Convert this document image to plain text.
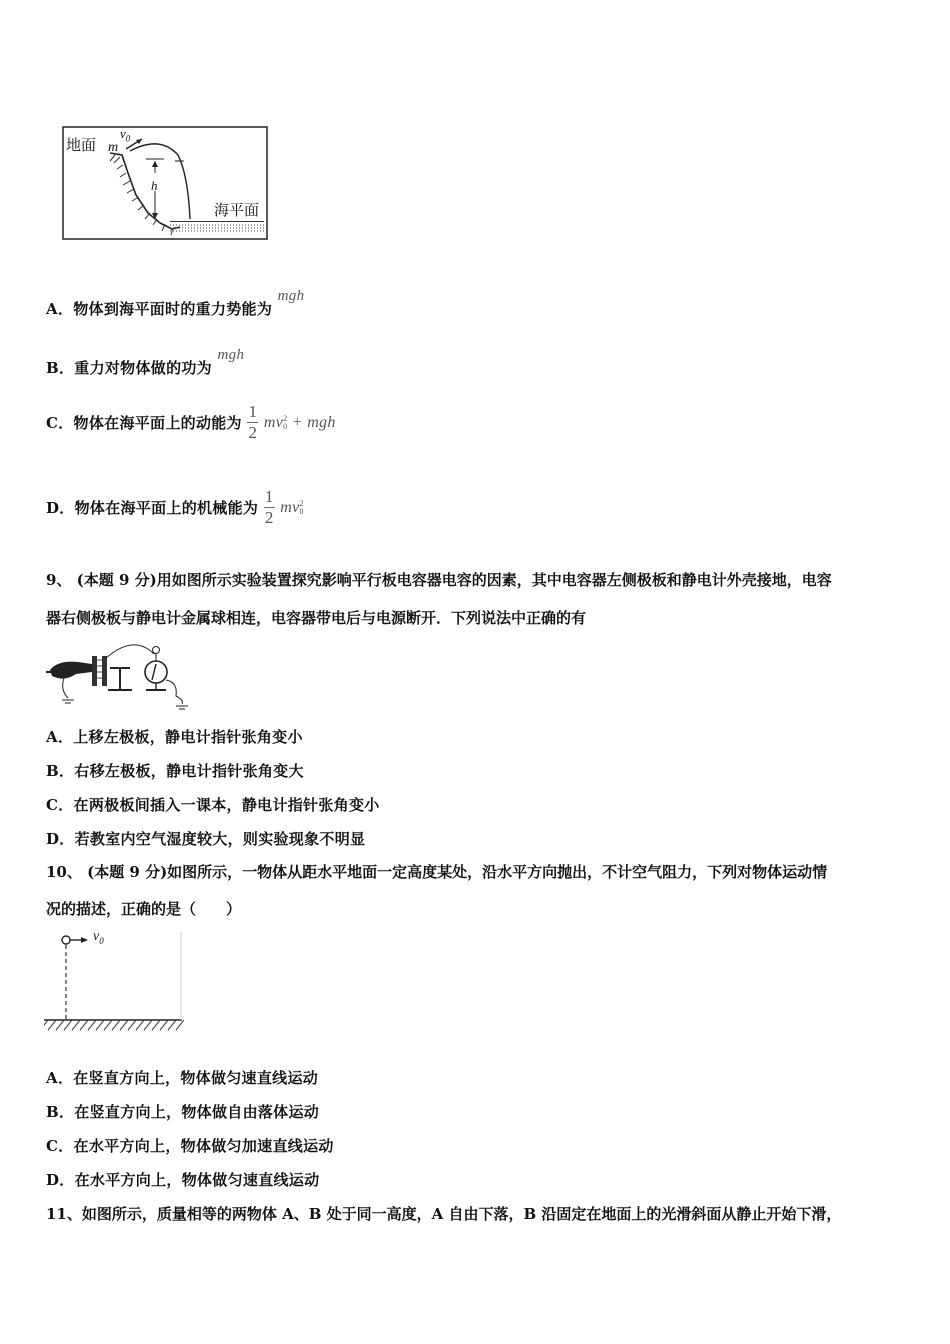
地面 m
$v_0$
h
海平面
A．物体到海平面时的重力势能为 mgh
B．重力对物体做的功为 mgh
C．物体在海平面上的动能为 $\frac{1}{2}$ mv 2
0 + mgh
D．物体在海平面上的机械能为 $\frac{1}{2}$ mv 2
0
9、 (本题 9 分)用如图所示实验装置探究影响平行板电容器电容的因素，其中电容器左侧极板和静电计外壳接地，电容
器右侧极板与静电计金属球相连，电容器带电后与电源断开．下列说法中正确的有
A．上移左极板，静电计指针张角变小
B．右移左极板，静电计指针张角变大
C．在两极板间插入一课本，静电计指针张角变小
D．若教室内空气湿度较大，则实验现象不明显
10、 (本题 9 分)如图所示，一物体从距水平地面一定高度某处，沿水平方向抛出，不计空气阻力，下列对物体运动情
况的描述，正确的是（　　）
$v_0$
A．在竖直方向上，物体做匀速直线运动
B．在竖直方向上，物体做自由落体运动
C．在水平方向上，物体做匀加速直线运动
D．在水平方向上，物体做匀速直线运动
11、如图所示，质量相等的两物体 A、B 处于同一高度，A 自由下落，B 沿固定在地面上的光滑斜面从静止开始下滑，
